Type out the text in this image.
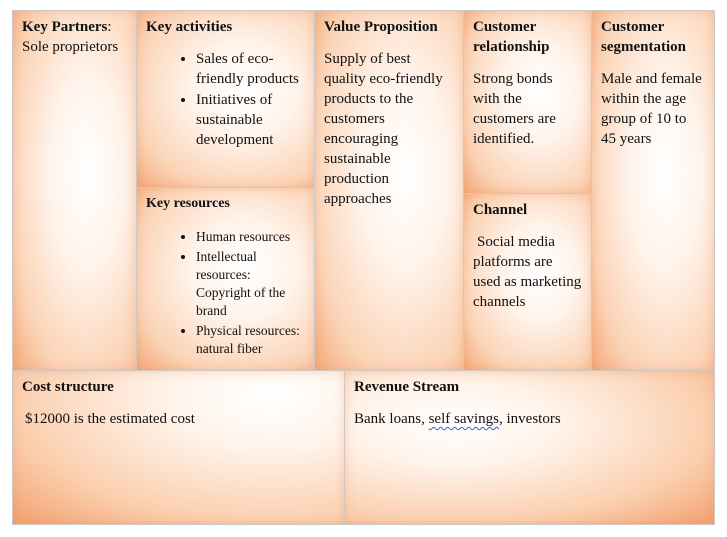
Key Partners:
Sole proprietors
Key activities
• Sales of eco-friendly products
• Initiatives of sustainable development
Key resources
• Human resources
• Intellectual resources: Copyright of the brand
• Physical resources: natural fiber
Value Proposition
Supply of best quality eco-friendly products to the customers encouraging sustainable production approaches
Customer relationship
Strong bonds with the customers are identified.
Channel
Social media platforms are used as marketing channels
Customer segmentation
Male and female within the age group of 10 to 45 years
Cost structure
$12000 is the estimated cost
Revenue Stream
Bank loans, self savings, investors
